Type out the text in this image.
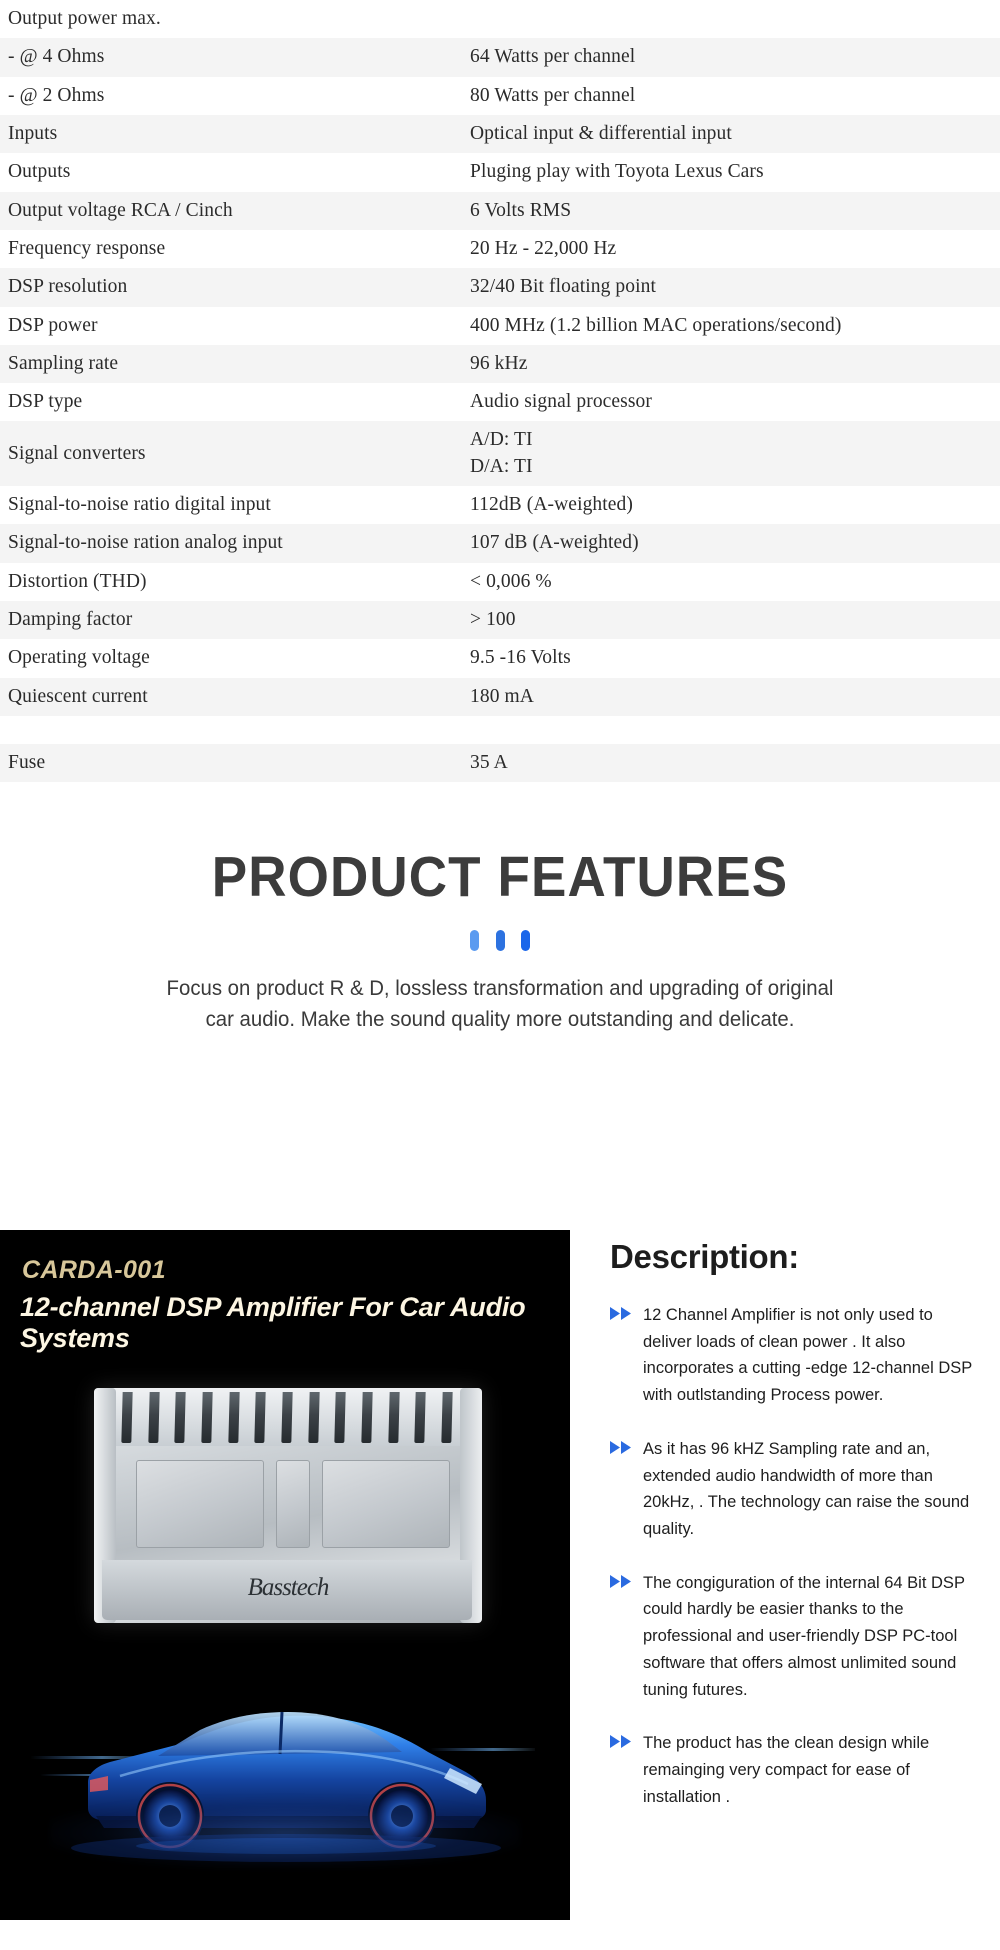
Output power max.	
- @ 4 Ohms	64 Watts per channel
- @ 2 Ohms	80 Watts per channel
Inputs	Optical input & differential input
Outputs	Pluging play with Toyota Lexus Cars
Output voltage RCA / Cinch	6 Volts RMS
Frequency response	20 Hz - 22,000 Hz
DSP resolution	32/40 Bit floating point
DSP power	400 MHz (1.2 billion MAC operations/second)
Sampling rate	96 kHz
DSP type	Audio signal processor
Signal converters	A/D: TI
D/A: TI

Signal-to-noise ratio digital input	112dB (A-weighted)
Signal-to-noise ration analog input	107 dB (A-weighted)
Distortion (THD)	< 0,006 %
Damping factor	> 100
Operating voltage	9.5 -16 Volts
Quiescent current	180 mA

Fuse	35 A
PRODUCT FEATURES

Focus on product R & D, lossless transformation and upgrading of original car audio. Make the sound quality more outstanding and delicate.

CARDA-001
12-channel DSP Amplifier For Car Audio Systems
Basstech
Description:
12 Channel Amplifier is not only used to deliver loads of clean power . It also incorporates a cutting -edge 12-channel DSP with outlstanding Process power.
As it has 96 kHZ Sampling rate and an, extended audio handwidth of more than 20kHz, . The technology can raise the sound quality.
The congiguration of the internal 64 Bit DSP could hardly be easier thanks to the professional and user-friendly DSP PC-tool software that offers almost unlimited sound tuning futures.
The product has the clean design while remainging very compact for ease of installation .
